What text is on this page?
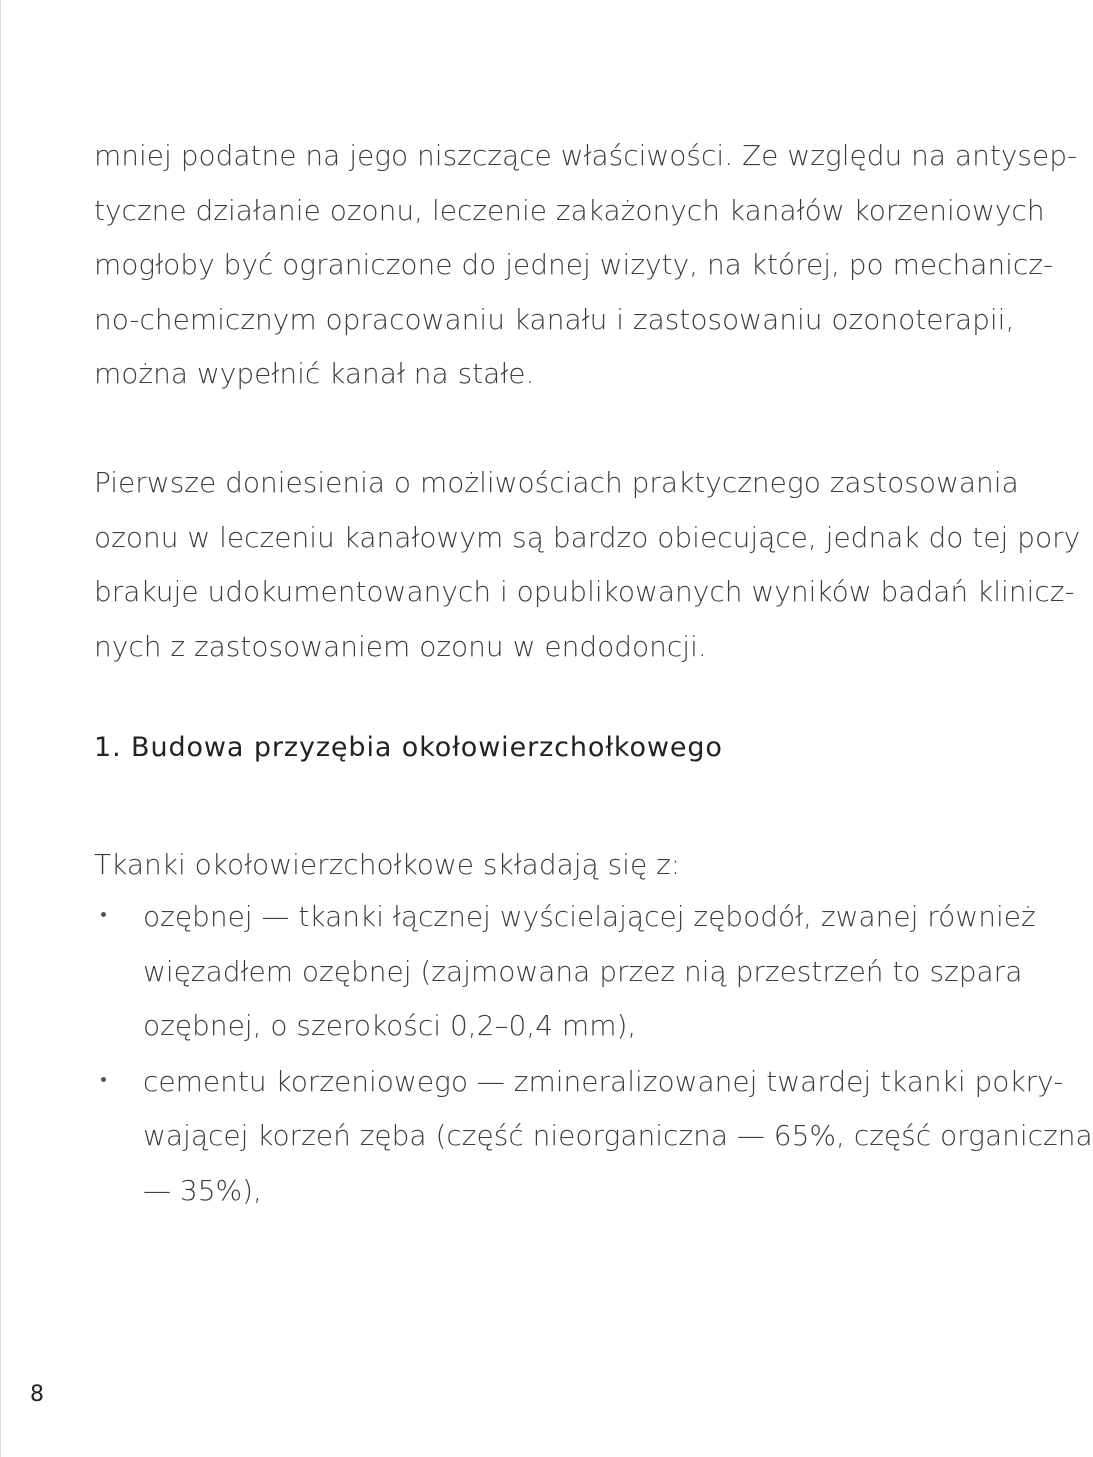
mniej podatne na jego niszczące właściwości. Ze względu na antysep-
tyczne działanie ozonu, leczenie zakażonych kanałów korzeniowych
mogłoby być ograniczone do jednej wizyty, na której, po mechanicz-
no-chemicznym opracowaniu kanału i zastosowaniu ozonoterapii,
można wypełnić kanał na stałe.
Pierwsze doniesienia o możliwościach praktycznego zastosowania
ozonu w leczeniu kanałowym są bardzo obiecujące, jednak do tej pory
brakuje udokumentowanych i opublikowanych wyników badań klinicz-
nych z zastosowaniem ozonu w endodoncji.
1. Budowa przyzębia okołowierzchołkowego
Tkanki okołowierzchołkowe składają się z:
ozębnej — tkanki łącznej wyścielającej zębodół, zwanej również
więzadłem ozębnej (zajmowana przez nią przestrzeń to szpara
ozębnej, o szerokości 0,2–0,4 mm),
cementu korzeniowego — zmineralizowanej twardej tkanki pokry-
wającej korzeń zęba (część nieorganiczna — 65%, część organiczna
— 35%),
8
